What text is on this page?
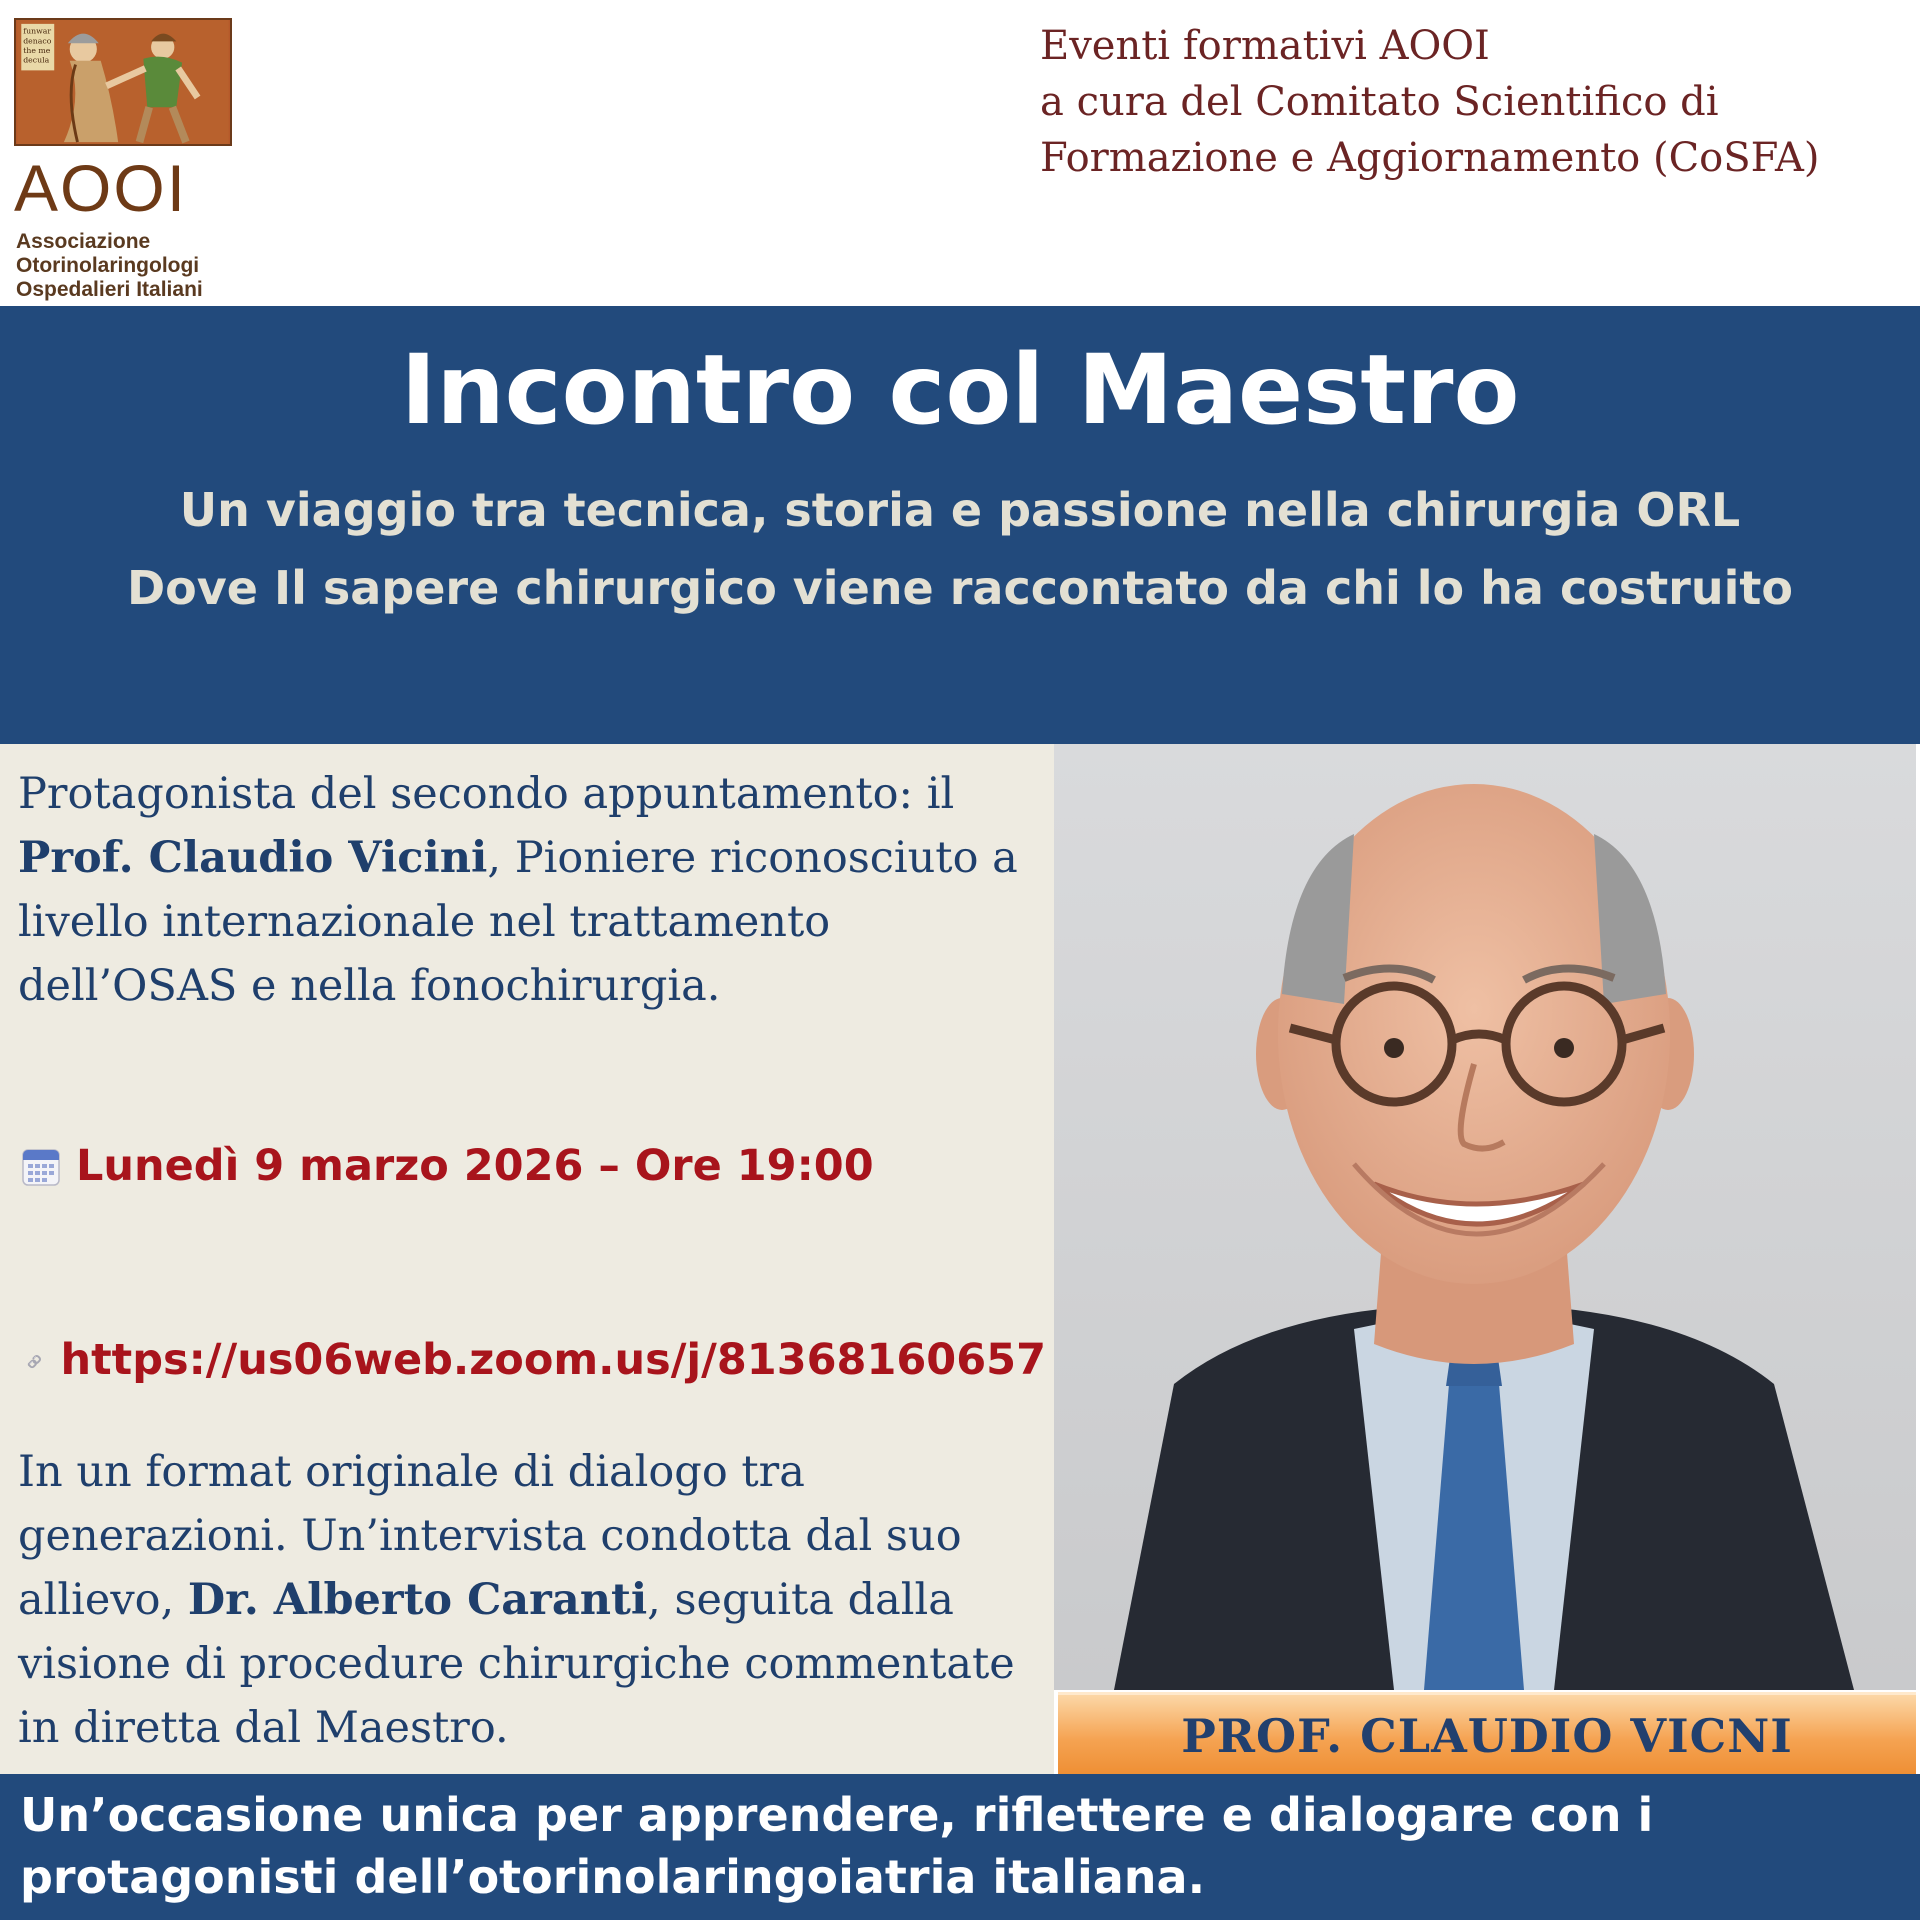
funwar
denaco
the me
decula
AOOI
Associazione
Otorinolaringologi
Ospedalieri Italiani
Eventi formativi AOOI
a cura del Comitato Scientifico di
Formazione e Aggiornamento (CoSFA)
Incontro col Maestro
Un viaggio tra tecnica, storia e passione nella chirurgia ORL
Dove Il sapere chirurgico viene raccontato da chi lo ha costruito
Protagonista del secondo appuntamento: il Prof. Claudio Vicini, Pioniere riconosciuto a livello internazionale nel trattamento dell’OSAS e nella fonochirurgia.
Lunedì 9 marzo 2026 – Ore 19:00
https://us06web.zoom.us/j/81368160657
In un format originale di dialogo tra generazioni. Un’intervista condotta dal suo allievo, Dr. Alberto Caranti, seguita dalla visione di procedure chirurgiche commentate in diretta dal Maestro.	PROF. CLAUDIO VICNI
Un’occasione unica per apprendere, riflettere e dialogare con i protagonisti dell’otorinolaringoiatria italiana.
